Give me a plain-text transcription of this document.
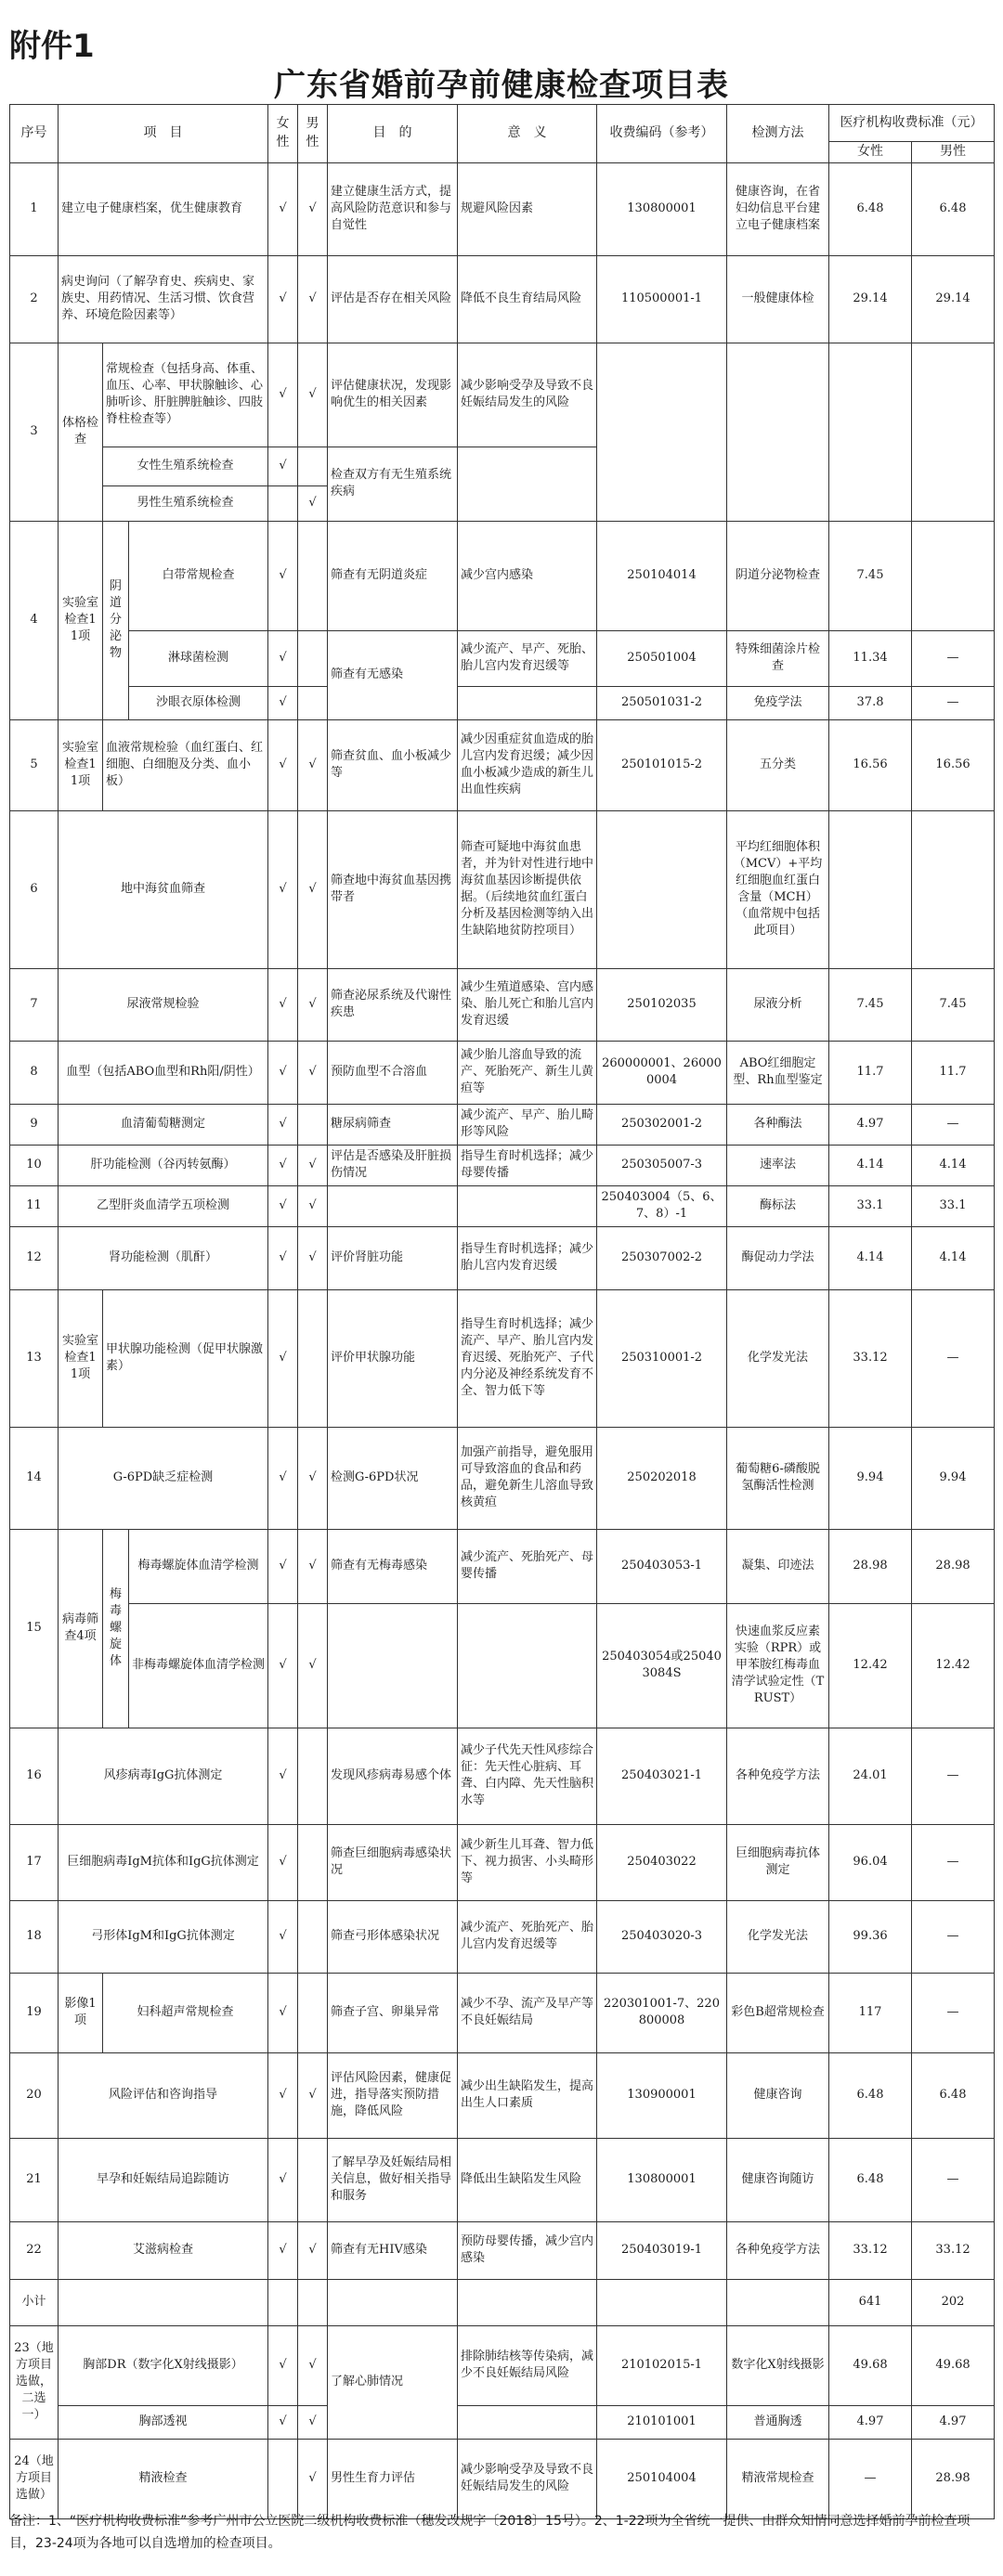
附件1
广东省婚前孕前健康检查项目表
序号	项　目			女性	男性	目　的	意　义	收费编码（参考）	检测方法	医疗机构收费标准（元）	
										女性	男性
1	建立电子健康档案，优生健康教育			√	√	建立健康生活方式，提高风险防范意识和参与自觉性	规避风险因素	130800001	健康咨询，在省妇幼信息平台建立电子健康档案	6.48	6.48
2	病史询问（了解孕育史、疾病史、家族史、用药情况、生活习惯、饮食营养、环境危险因素等）			√	√	评估是否存在相关风险	降低不良生育结局风险	110500001-1	一般健康体检	29.14	29.14
3	体格检查	常规检查（包括身高、体重、血压、心率、甲状腺触诊、心肺听诊、肝脏脾脏触诊、四肢脊柱检查等）		√	√	评估健康状况，发现影响优生的相关因素	减少影响受孕及导致不良妊娠结局发生的风险				
		女性生殖系统检查		√		检查双方有无生殖系统疾病					
		男性生殖系统检查			√						
4	实验室检查11项	阴道分泌物	白带常规检查	√		筛查有无阴道炎症	减少宫内感染	250104014	阴道分泌物检查	7.45	
			淋球菌检测	√		筛查有无感染	减少流产、早产、死胎、胎儿宫内发育迟缓等	250501004	特殊细菌涂片检查	11.34	—
			沙眼衣原体检测	√				250501031-2	免疫学法	37.8	—
5	实验室检查11项	血液常规检验（血红蛋白、红细胞、白细胞及分类、血小板）		√	√	筛查贫血、血小板减少等	减少因重症贫血造成的胎儿宫内发育迟缓；减少因血小板减少造成的新生儿出血性疾病	250101015-2	五分类	16.56	16.56
6	地中海贫血筛查			√	√	筛查地中海贫血基因携带者	筛查可疑地中海贫血患者，并为针对性进行地中海贫血基因诊断提供依据。（后续地贫血红蛋白分析及基因检测等纳入出生缺陷地贫防控项目）		平均红细胞体积（MCV）+平均红细胞血红蛋白含量（MCH）（血常规中包括此项目）		
7	尿液常规检验			√	√	筛查泌尿系统及代谢性疾患	减少生殖道感染、宫内感染、胎儿死亡和胎儿宫内发育迟缓	250102035	尿液分析	7.45	7.45
8	血型（包括ABO血型和Rh阳/阴性）			√	√	预防血型不合溶血	减少胎儿溶血导致的流产、死胎死产、新生儿黄疸等	260000001、260000004	ABO红细胞定型、Rh血型鉴定	11.7	11.7
9	血清葡萄糖测定			√		糖尿病筛查	减少流产、早产、胎儿畸形等风险	250302001-2	各种酶法	4.97	—
10	肝功能检测（谷丙转氨酶）			√	√	评估是否感染及肝脏损伤情况	指导生育时机选择；减少母婴传播	250305007-3	速率法	4.14	4.14
11	乙型肝炎血清学五项检测			√	√			250403004（5、6、7、8）-1	酶标法	33.1	33.1
12	肾功能检测（肌酐）			√	√	评价肾脏功能	指导生育时机选择；减少胎儿宫内发育迟缓	250307002-2	酶促动力学法	4.14	4.14
13	实验室检查11项	甲状腺功能检测（促甲状腺激素）		√		评价甲状腺功能	指导生育时机选择；减少流产、早产、胎儿宫内发育迟缓、死胎死产、子代内分泌及神经系统发育不全、智力低下等	250310001-2	化学发光法	33.12	—
14	G-6PD缺乏症检测			√	√	检测G-6PD状况	加强产前指导，避免服用可导致溶血的食品和药品，避免新生儿溶血导致核黄疸	250202018	葡萄糖6-磷酸脱氢酶活性检测	9.94	9.94
15	病毒筛查4项	梅毒螺旋体	梅毒螺旋体血清学检测	√	√	筛查有无梅毒感染	减少流产、死胎死产、母婴传播	250403053-1	凝集、印迹法	28.98	28.98
			非梅毒螺旋体血清学检测	√	√			250403054或250403084S	快速血浆反应素实验（RPR）或甲苯胺红梅毒血清学试验定性（TRUST）	12.42	12.42
16	风疹病毒IgG抗体测定			√		发现风疹病毒易感个体	减少子代先天性风疹综合征：先天性心脏病、耳聋、白内障、先天性脑积水等	250403021-1	各种免疫学方法	24.01	—
17	巨细胞病毒IgM抗体和IgG抗体测定			√		筛查巨细胞病毒感染状况	减少新生儿耳聋、智力低下、视力损害、小头畸形等	250403022	巨细胞病毒抗体测定	96.04	—
18	弓形体IgM和IgG抗体测定			√		筛查弓形体感染状况	减少流产、死胎死产、胎儿宫内发育迟缓等	250403020-3	化学发光法	99.36	—
19	影像1项	妇科超声常规检查		√		筛查子宫、卵巢异常	减少不孕、流产及早产等不良妊娠结局	220301001-7、220800008	彩色B超常规检查	117	—
20	风险评估和咨询指导			√	√	评估风险因素，健康促进，指导落实预防措施，降低风险	减少出生缺陷发生，提高出生人口素质	130900001	健康咨询	6.48	6.48
21	早孕和妊娠结局追踪随访			√		了解早孕及妊娠结局相关信息，做好相关指导和服务	降低出生缺陷发生风险	130800001	健康咨询随访	6.48	—
22	艾滋病检查			√	√	筛查有无HIV感染	预防母婴传播，减少宫内感染	250403019-1	各种免疫学方法	33.12	33.12
小计										641	202
23（地方项目选做，二选一）	胸部DR（数字化X射线摄影）			√	√	了解心肺情况	排除肺结核等传染病，减少不良妊娠结局风险	210102015-1	数字化X射线摄影	49.68	49.68
	胸部透视			√	√			210101001	普通胸透	4.97	4.97
24（地方项目选做）	精液检查				√	男性生育力评估	减少影响受孕及导致不良妊娠结局发生的风险	250104004	精液常规检查	—	28.98
备注：1、“医疗机构收费标准”参考广州市公立医院二级机构收费标准（穗发改规字〔2018〕15号）。2、1-22项为全省统一提供、由群众知情同意选择婚前孕前检查项目，23-24项为各地可以自选增加的检查项目。
